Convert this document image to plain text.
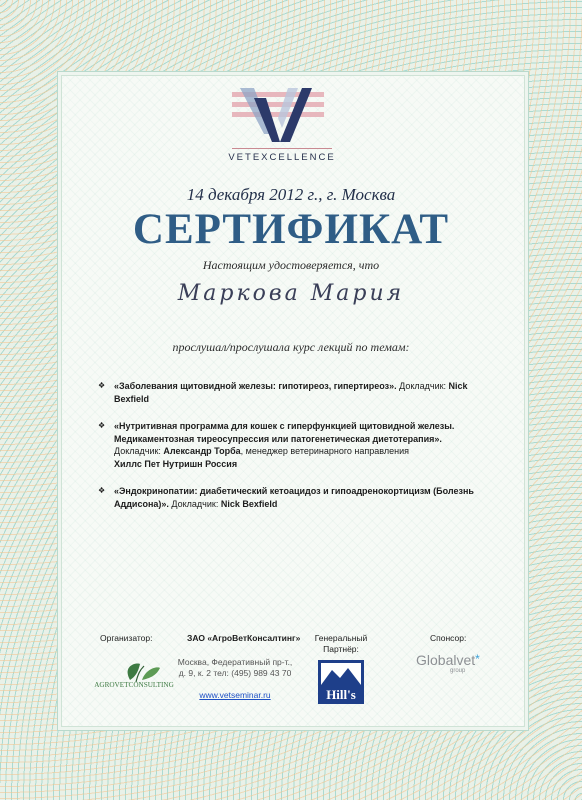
VETEXCELLENCE
14 декабря 2012 г., г. Москва
СЕРТИФИКАТ
Настоящим удостоверяется, что
Маркова Мария
прослушал/прослушала курс лекций по темам:
❖ «Заболевания щитовидной железы: гипотиреоз, гипертиреоз». Докладчик: Nick Bexfield
❖ «Нутритивная программа для кошек с гиперфункцией щитовидной железы. Медикаментозная тиреосупрессия или патогенетическая диетотерапия». Докладчик: Александр Торба, менеджер ветеринарного направления
Хиллс Пет Нутришн Россия
❖ «Эндокринопатии: диабетический кетоацидоз и гипоадренокортицизм (Болезнь Аддисона)». Докладчик: Nick Bexfield
Организатор:	ЗАО «АгроВетКонсалтинг»
Москва, Федеративный пр-т., д. 9, к. 2 тел: (495) 989 43 70
www.vetseminar.ru
AGROVETCONSULTING
Генеральный Партнёр:
Hill's
Спонсор:
Globalvet*
group
